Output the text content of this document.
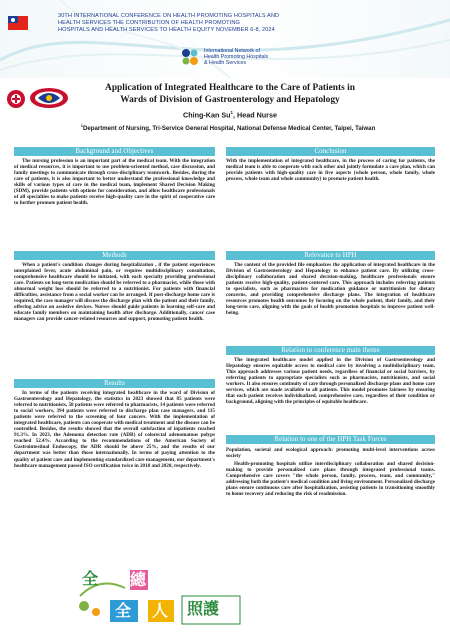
30TH INTERNATIONAL CONFERENCE ON HEALTH PROMOTING HOSPITALS AND
HEALTH SERVICES THE CONTRIBUTION OF HEALTH PROMOTING
HOSPITALS AND HEALTH SERVICES TO HEALTH EQUITY NOVEMBER 6-8, 2024
International Network of
Health Promoting Hospitals
& Health Services
Application of Integrated Healthcare to the Care of Patients in
Wards of Division of Gastroenterology and Hepatology
Ching-Kan Su$^1$, Head Nurse
$^1$Department of Nursing, Tri-Service General Hospital, National Defense Medical Center, Taipei, Taiwan
Background and Objectives

The nursing profession is an important part of the medical team. With the integration of medical resources, it is important to use problem-oriented method, case discussion, and family meetings to communicate through cross-disciplinary teamwork. Besides, during the care of patients, it is also important to better understand the professional knowledge and skills of various types of care in the medical team, implement Shared Decision Making (SDM), provide patients with options for consideration, and allow healthcare professionals of all specialties to make patients receive high-quality care in the spirit of cooperative care to further promote patient health.

Methods

When a patient's condition changes during hospitalization , if the patient experiences unexplained fever, acute abdominal pain, or requires multidisciplinary consultation, comprehensive healthcare should be initiated, with each specialty providing professional care. Patients on long-term medication should be referred to a pharmacist, while those with abnormal weight loss should be referred to a nutritionist. For patients with financial difficulties, assistance from a social worker can be arranged. If post-discharge home care is required, the case manager will discuss the discharge plan with the patient and their family, offering advice on assistive devices. Nurses should guide patients in learning self-care and educate family members on maintaining health after discharge. Additionally, cancer case managers can provide cancer-related resources and support, promoting patient health.

Results

In terms of the patients receiving integrated healthcare in the ward of Division of Gastroenterology and Hepatology, the statistics in 2023 showed that 85 patients were referred to nutritionists, 58 patients were referred to pharmacists, 14 patients were referred to social workers, 394 patients were referred to discharge plan case managers, and 115 patients were referred to the screening of four cancers. With the implementation of integrated healthcare, patients can cooperate with medical treatment and the disease can be controlled. Besides, the results showed that the overall satisfaction of inpatients reached 91.3%. In 2023, the Adenoma detection rate (ADR) of colorectal adenomatous polyps reached 52.4%. According to the recommendations of the American Society of Gastrointestinal Endoscopy, the ADR should be above 25%, and the results of our department was better than those internationally. In terms of paying attention to the quality of patient care and implementing standardized care management, our department's healthcare management passed ISO certification twice in 2018 and 2020, respectively.

Conclusion

With the implementation of integrated healthcare, in the process of caring for patients, the medical team is able to cooperate with each other and jointly formulate a care plan, which can provide patients with high-quality care in five aspects (whole person, whole family, whole process, whole team and whole community) to promote patient health.

Relevance to HPH

The content of the provided file emphasizes the application of integrated healthcare in the Division of Gastroenterology and Hepatology to enhance patient care. By utilizing cross-disciplinary collaboration and shared decision-making, healthcare professionals ensure patients receive high-quality, patient-centered care. This approach includes referring patients to specialists, such as pharmacists for medication guidance or nutritionists for dietary concerns, and providing comprehensive discharge plans. The integration of healthcare resources promotes health outcomes by focusing on the whole patient, their family, and their long-term care, aligning with the goals of health promotion hospitals to improve patient well-being.

Relation to conference main theme

The integrated healthcare model applied in the Division of Gastroenterology and Hepatology ensures equitable access to medical care by involving a multidisciplinary team. This approach addresses various patient needs, regardless of financial or social barriers, by referring patients to appropriate specialists such as pharmacists, nutritionists, and social workers. It also ensures continuity of care through personalized discharge plans and home care services, which are made available to all patients. This model promotes fairness by ensuring that each patient receives individualized, comprehensive care, regardless of their condition or background, aligning with the principles of equitable healthcare.

Relation to one of the HPH Task Forces

Population, societal and ecological approach: promoting multi-level interventions across society

Health-promoting hospitals utilize interdisciplinary collaboration and shared decision-making to provide personalized care plans through integrated professional teams. Comprehensive care covers "the whole person, family, process, team, and community," addressing both the patient's medical condition and living environment. Personalized discharge plans ensure continuous care after hospitalization, assisting patients in transitioning smoothly to home recovery and reducing the risk of readmission.

全 總
全 人 照護
